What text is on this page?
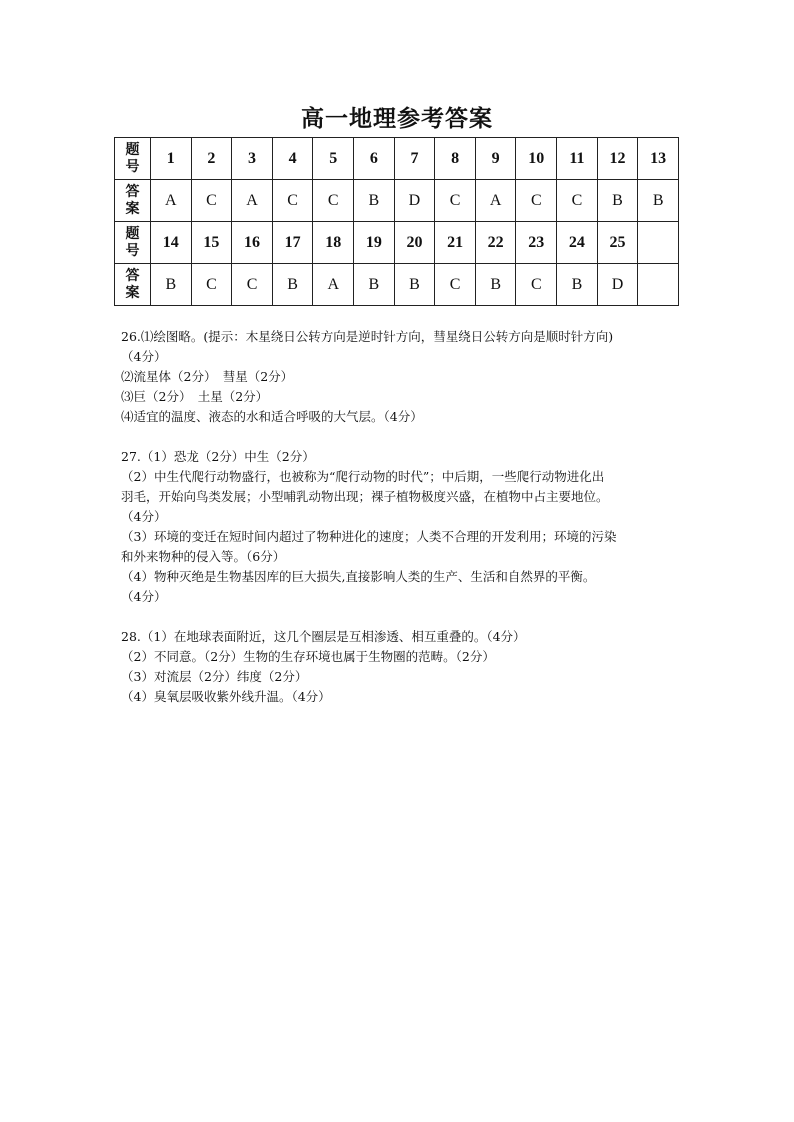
高一地理参考答案
题
号	1	2	3	4	5	6	7	8	9	10	11	12	13

答
案	A	C	A	C	C	B	D	C	A	C	C	B	B

题
号	14	15	16	17	18	19	20	21	22	23	24	25	

答
案	B	C	C	B	A	B	B	C	B	C	B	D	

26.⑴绘图略。(提示：木星绕日公转方向是逆时针方向，彗星绕日公转方向是顺时针方向)

（4分）

⑵流星体（2分）　彗星（2分）

⑶巨（2分）　土星（2分）

⑷适宜的温度、液态的水和适合呼吸的大气层。（4分）

27.（1）恐龙（2分）中生（2分）

（2）中生代爬行动物盛行，也被称为“爬行动物的时代”；中后期，一些爬行动物进化出

羽毛，开始向鸟类发展；小型哺乳动物出现；裸子植物极度兴盛，在植物中占主要地位。

（4分）

（3）环境的变迁在短时间内超过了物种进化的速度；人类不合理的开发利用；环境的污染

和外来物种的侵入等。（6分）

（4）物种灭绝是生物基因库的巨大损失,直接影响人类的生产、生活和自然界的平衡。

（4分）

28.（1）在地球表面附近，这几个圈层是互相渗透、相互重叠的。（4分）

（2）不同意。（2分）生物的生存环境也属于生物圈的范畴。（2分）

（3）对流层（2分）纬度（2分）

（4）臭氧层吸收紫外线升温。（4分）
